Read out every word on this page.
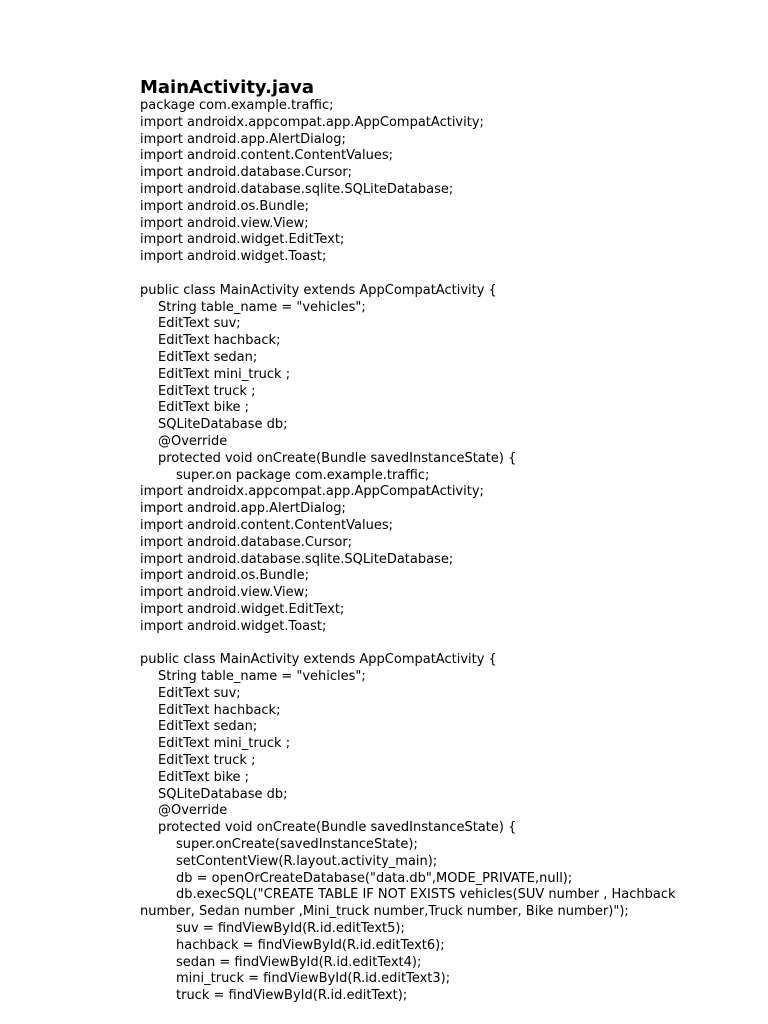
MainActivity.java
package com.example.traffic;
import androidx.appcompat.app.AppCompatActivity;
import android.app.AlertDialog;
import android.content.ContentValues;
import android.database.Cursor;
import android.database.sqlite.SQLiteDatabase;
import android.os.Bundle;
import android.view.View;
import android.widget.EditText;
import android.widget.Toast;
public class MainActivity extends AppCompatActivity {
String table_name = "vehicles";
EditText suv;
EditText hachback;
EditText sedan;
EditText mini_truck ;
EditText truck ;
EditText bike ;
SQLiteDatabase db;
@Override
protected void onCreate(Bundle savedInstanceState) {
super.on package com.example.traffic;
import androidx.appcompat.app.AppCompatActivity;
import android.app.AlertDialog;
import android.content.ContentValues;
import android.database.Cursor;
import android.database.sqlite.SQLiteDatabase;
import android.os.Bundle;
import android.view.View;
import android.widget.EditText;
import android.widget.Toast;
public class MainActivity extends AppCompatActivity {
String table_name = "vehicles";
EditText suv;
EditText hachback;
EditText sedan;
EditText mini_truck ;
EditText truck ;
EditText bike ;
SQLiteDatabase db;
@Override
protected void onCreate(Bundle savedInstanceState) {
super.onCreate(savedInstanceState);
setContentView(R.layout.activity_main);
db = openOrCreateDatabase("data.db",MODE_PRIVATE,null);
db.execSQL("CREATE TABLE IF NOT EXISTS vehicles(SUV number , Hachback
number, Sedan number ,Mini_truck number,Truck number, Bike number)");
suv = findViewById(R.id.editText5);
hachback = findViewById(R.id.editText6);
sedan = findViewById(R.id.editText4);
mini_truck = findViewById(R.id.editText3);
truck = findViewById(R.id.editText);
